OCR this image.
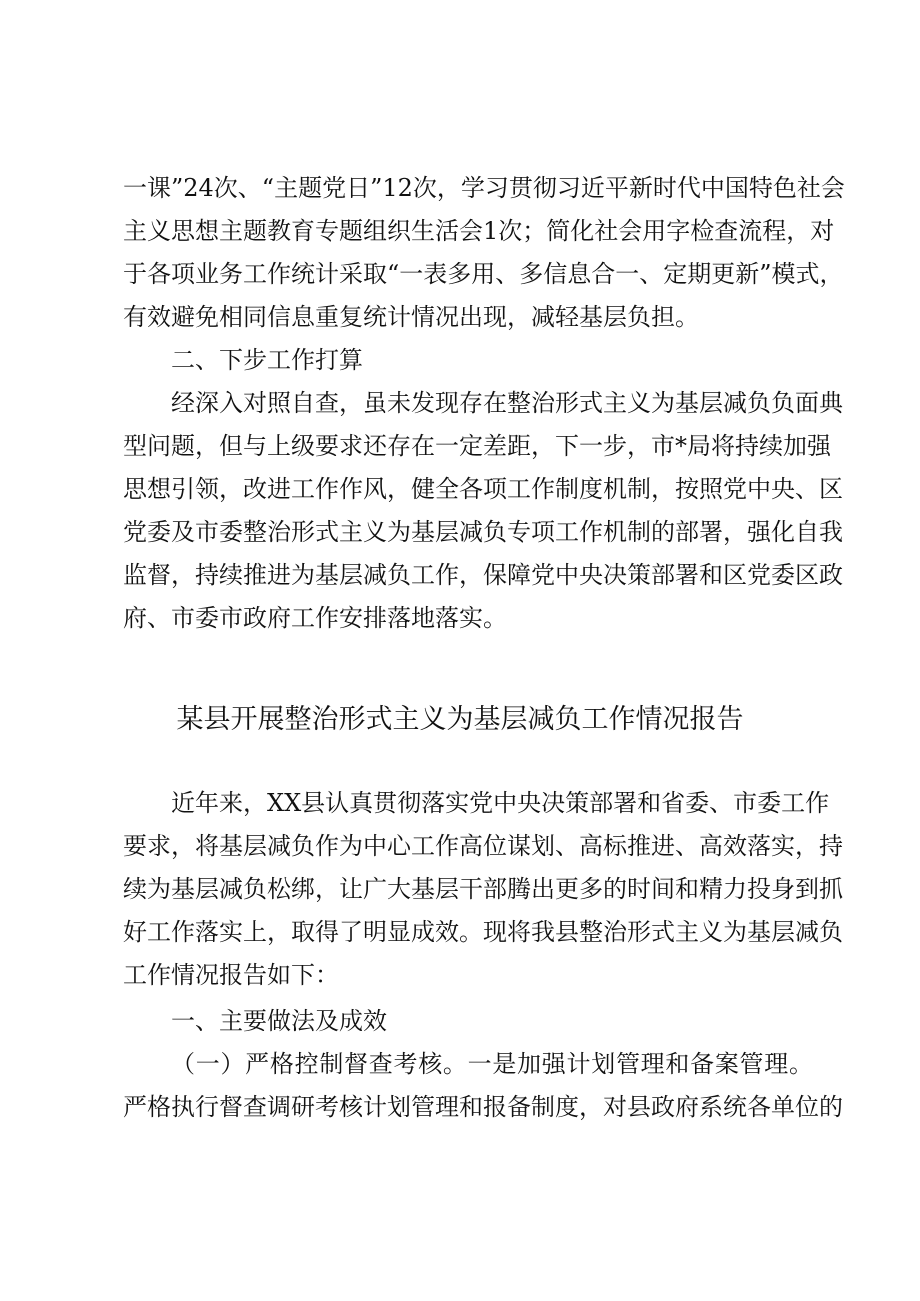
一课”24次、“主题党日”12次，学习贯彻习近平新时代中国特色社会
主义思想主题教育专题组织生活会1次；简化社会用字检查流程，对
于各项业务工作统计采取“一表多用、多信息合一、定期更新”模式，
有效避免相同信息重复统计情况出现，减轻基层负担。
二、下步工作打算
经深入对照自查，虽未发现存在整治形式主义为基层减负负面典
型问题，但与上级要求还存在一定差距，下一步，市*局将持续加强
思想引领，改进工作作风，健全各项工作制度机制，按照党中央、区
党委及市委整治形式主义为基层减负专项工作机制的部署，强化自我
监督，持续推进为基层减负工作，保障党中央决策部署和区党委区政
府、市委市政府工作安排落地落实。
某县开展整治形式主义为基层减负工作情况报告
近年来，XX县认真贯彻落实党中央决策部署和省委、市委工作
要求，将基层减负作为中心工作高位谋划、高标推进、高效落实，持
续为基层减负松绑，让广大基层干部腾出更多的时间和精力投身到抓
好工作落实上，取得了明显成效。现将我县整治形式主义为基层减负
工作情况报告如下：
一、主要做法及成效
（一）严格控制督查考核。一是加强计划管理和备案管理。
严格执行督查调研考核计划管理和报备制度，对县政府系统各单位的
